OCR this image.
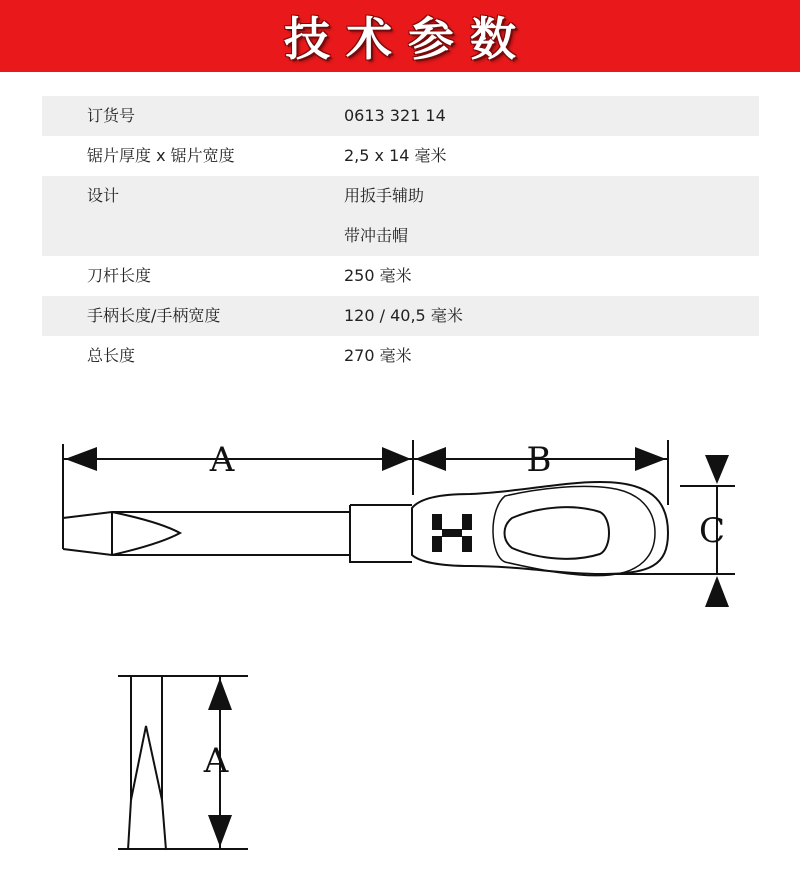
技术参数
订货号	0613 321 14
锯片厚度 x 锯片宽度	2,5 x 14 毫米
设计	用扳手辅助
带冲击帽
刀杆长度	250 毫米
手柄长度/手柄宽度	120 / 40,5 毫米
总长度	270 毫米
A	B
C
A
